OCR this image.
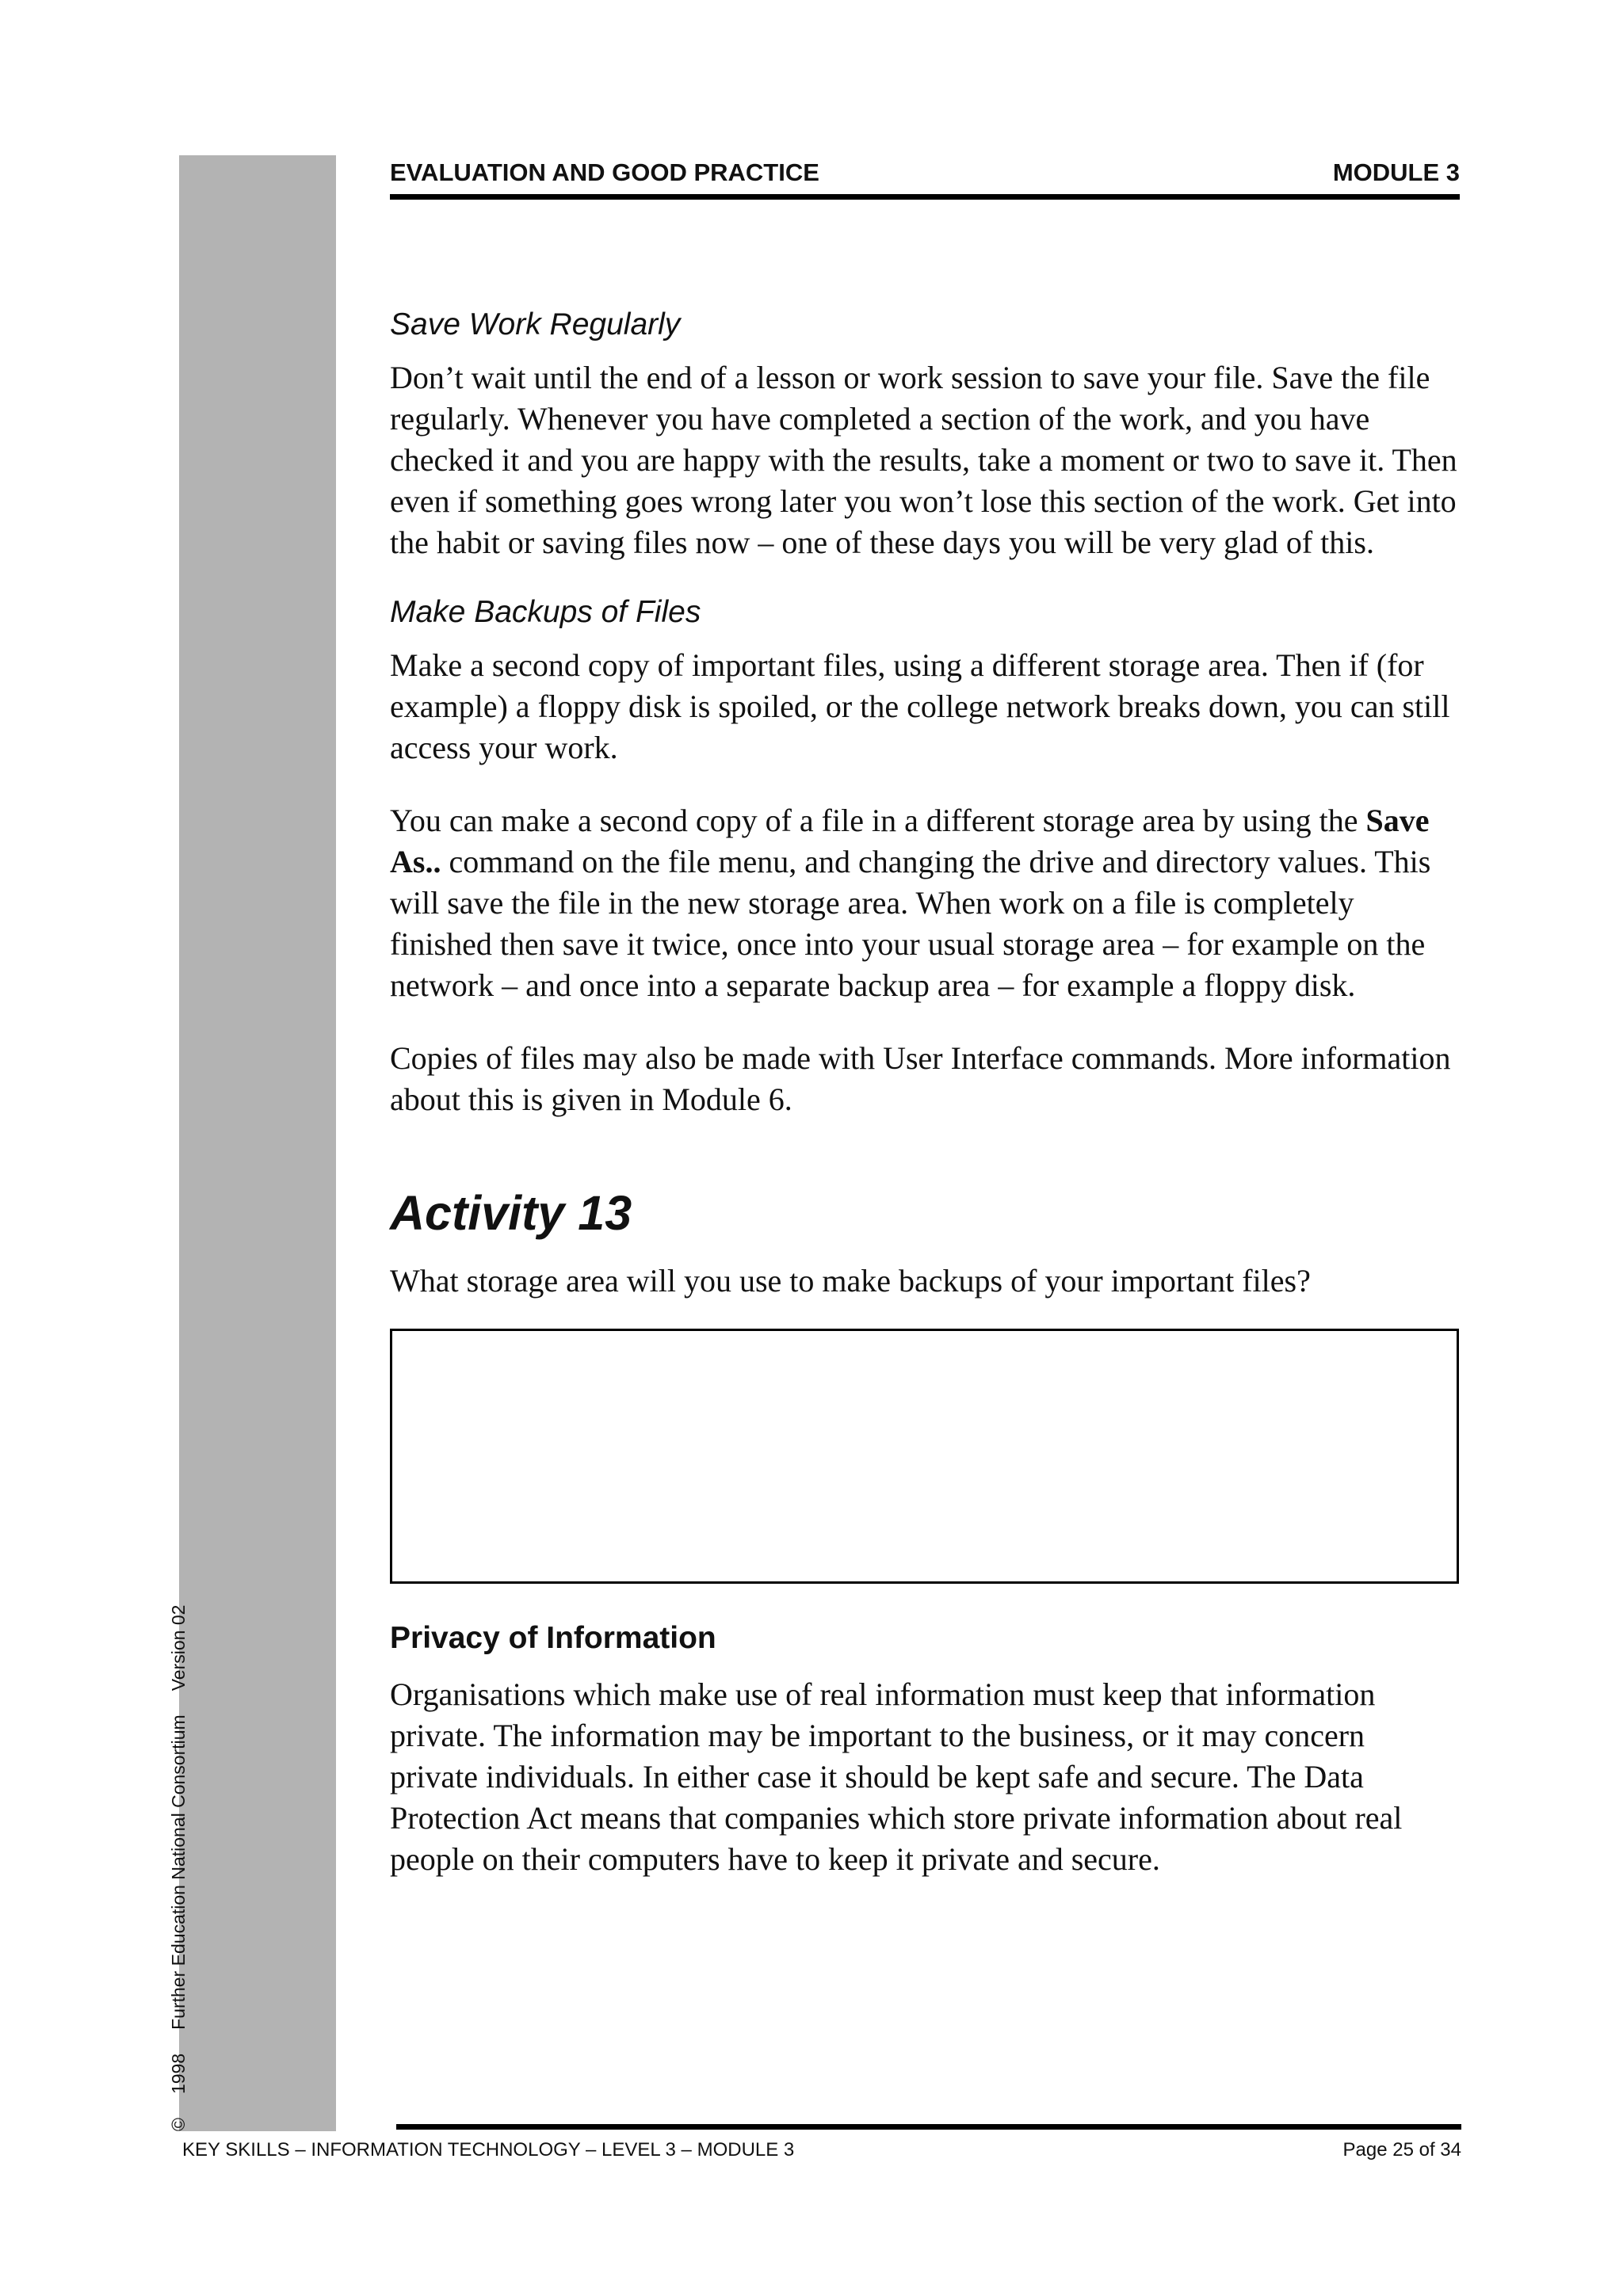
©1998Further Education National ConsortiumVersion 02
EVALUATION AND GOOD PRACTICE	MODULE 3
Save Work Regularly

Don’t wait until the end of a lesson or work session to save your file. Save the file regularly. Whenever you have completed a section of the work, and you have checked it and you are happy with the results, take a moment or two to save it. Then even if something goes wrong later you won’t lose this section of the work. Get into the habit or saving files now – one of these days you will be very glad of this.

Make Backups of Files

Make a second copy of important files, using a different storage area. Then if (for example) a floppy disk is spoiled, or the college network breaks down, you can still access your work.

You can make a second copy of a file in a different storage area by using the Save As.. command on the file menu, and changing the drive and directory values. This will save the file in the new storage area. When work on a file is completely finished then save it twice, once into your usual storage area – for example on the network – and once into a separate backup area – for example a floppy disk.

Copies of files may also be made with User Interface commands. More information about this is given in Module 6.

Activity 13

What storage area will you use to make backups of your important files?

Privacy of Information

Organisations which make use of real information must keep that information private. The information may be important to the business, or it may concern private individuals. In either case it should be kept safe and secure. The Data Protection Act means that companies which store private information about real people on their computers have to keep it private and secure.

KEY SKILLS – INFORMATION TECHNOLOGY – LEVEL 3 – MODULE 3	Page 25 of 34
